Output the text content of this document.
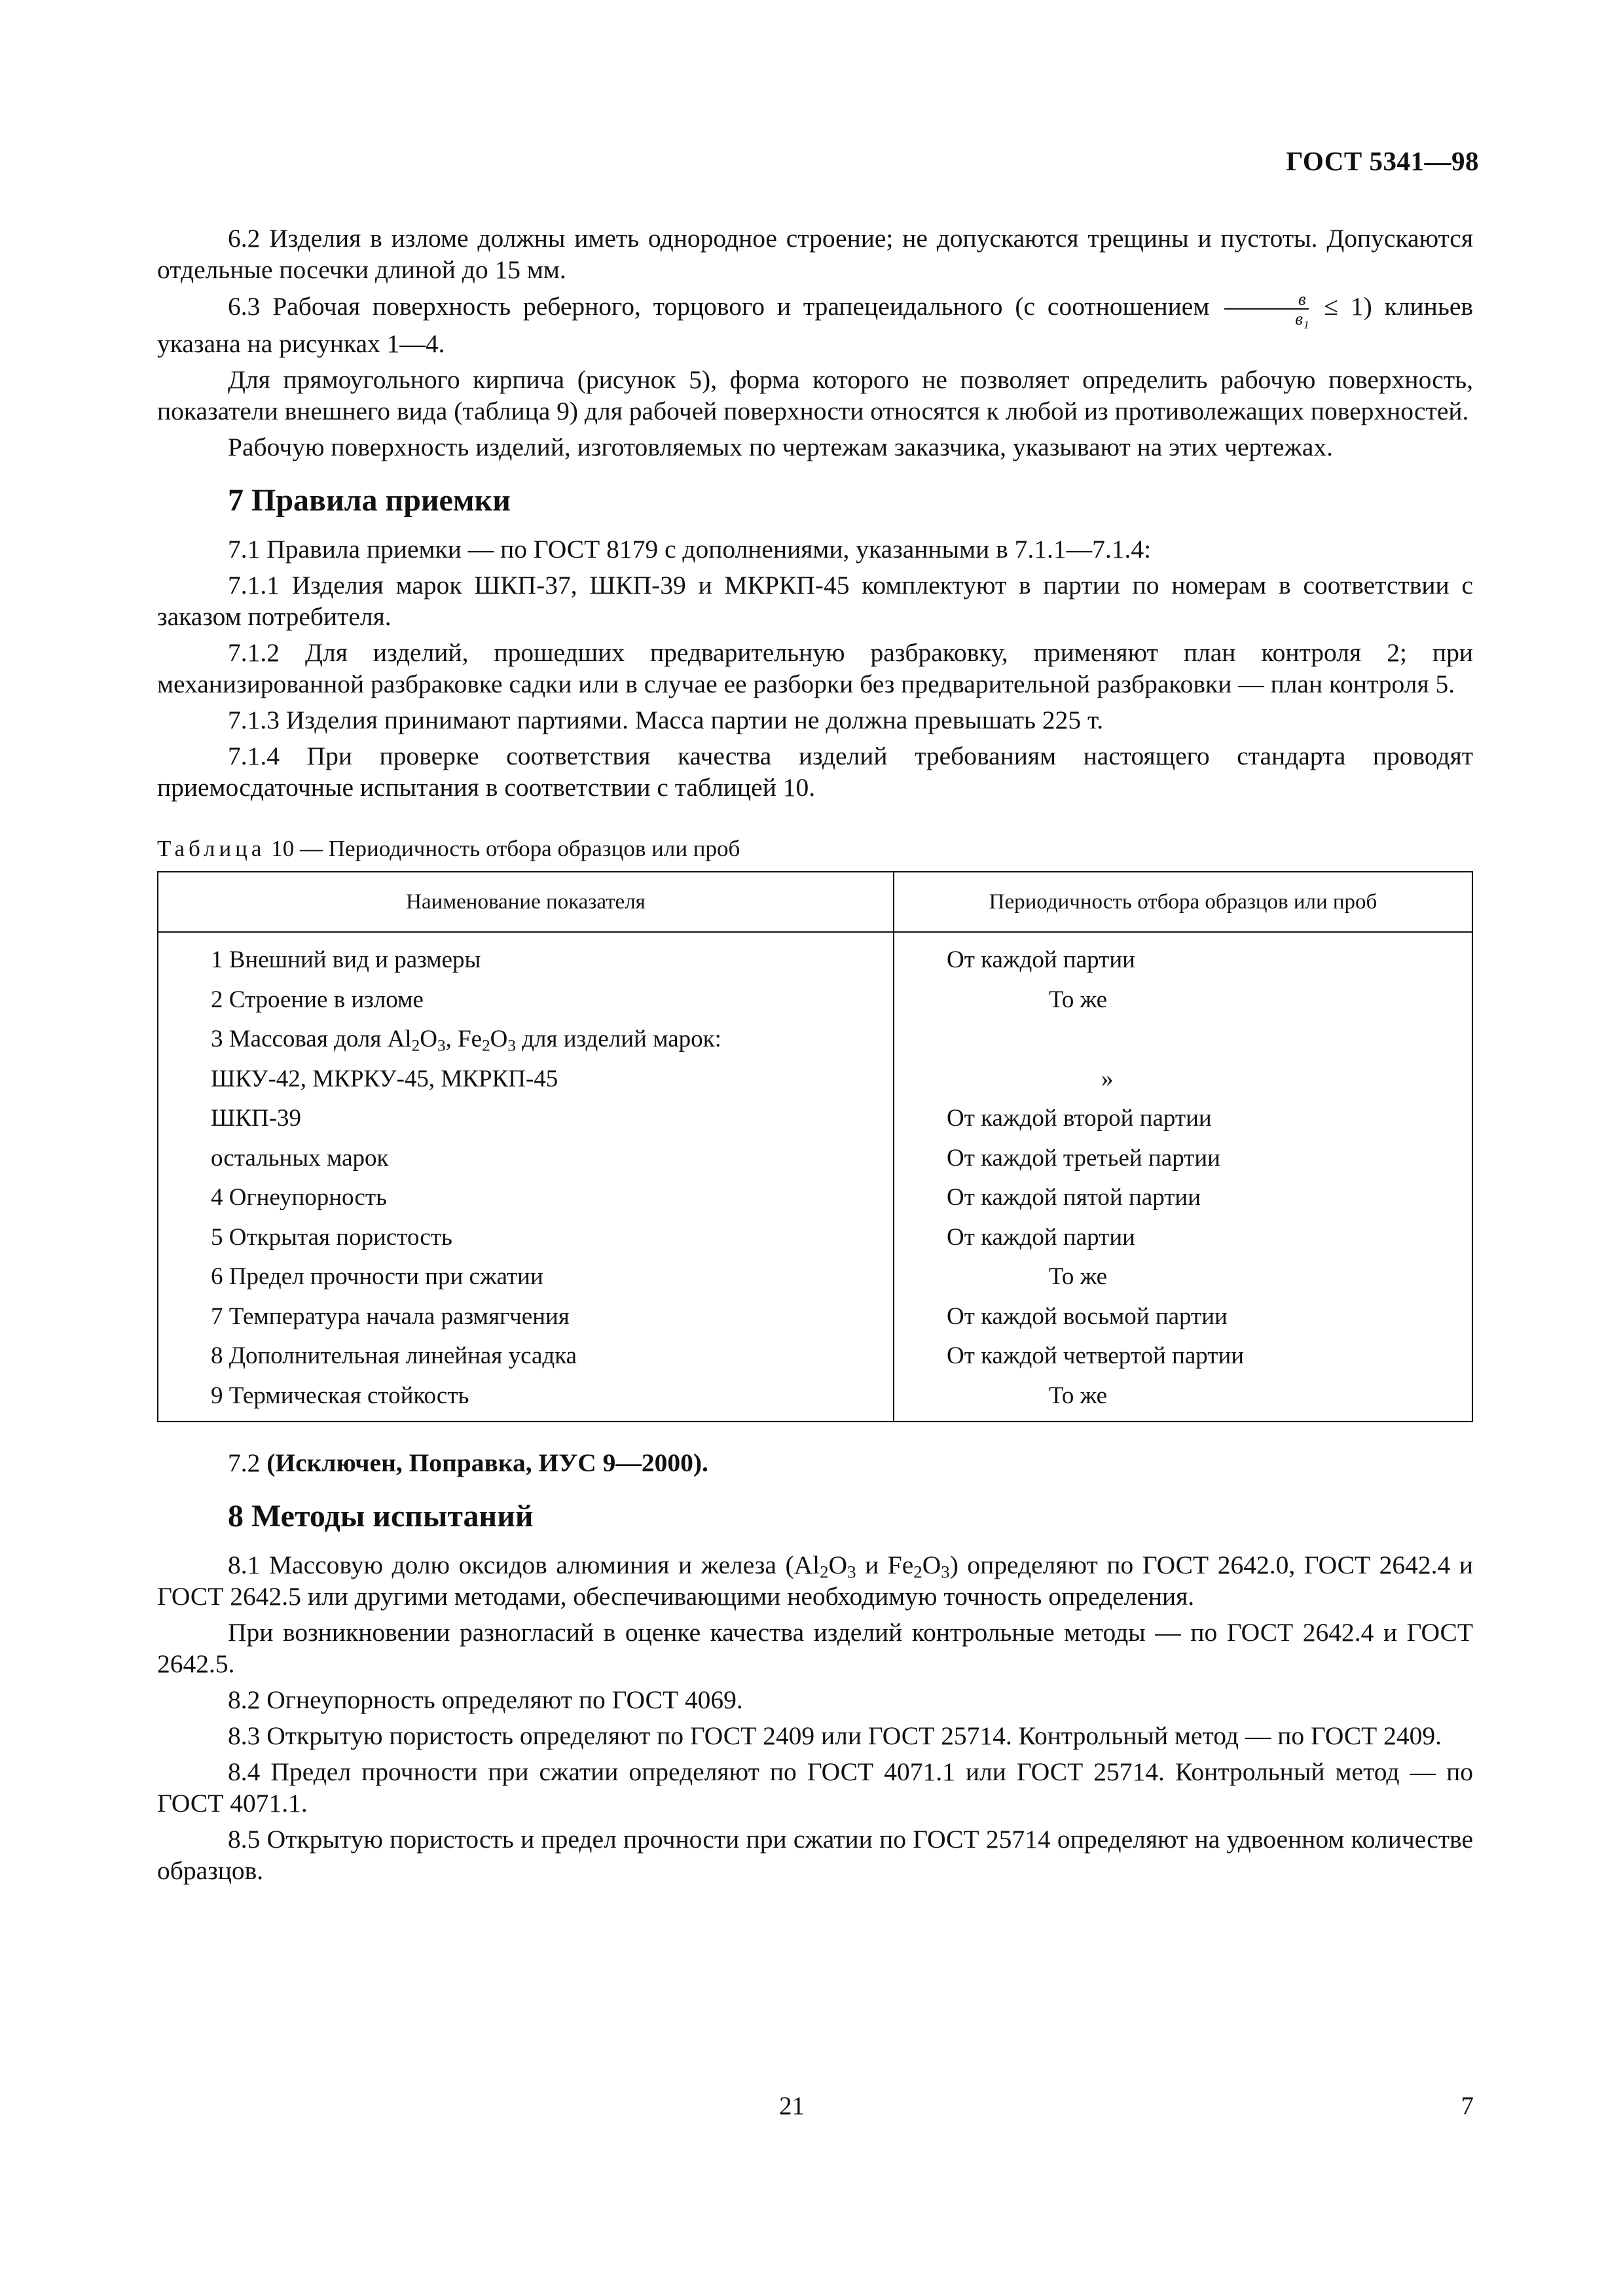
ГОСТ 5341—98

6.2 Изделия в изломе должны иметь однородное строение; не допускаются трещины и пустоты. Допускаются отдельные посечки длиной до 15 мм.

6.3 Рабочая поверхность реберного, торцового и трапецеидального (с соотношением $\frac{в}{\text{в₁}} \le 1$) клиньев указана на рисунках 1—4.

Для прямоугольного кирпича (рисунок 5), форма которого не позволяет определить рабочую поверхность, показатели внешнего вида (таблица 9) для рабочей поверхности относятся к любой из противолежащих поверхностей.

Рабочую поверхность изделий, изготовляемых по чертежам заказчика, указывают на этих чертежах.

7 Правила приемки

7.1 Правила приемки — по ГОСТ 8179 с дополнениями, указанными в 7.1.1—7.1.4:

7.1.1 Изделия марок ШКП-37, ШКП-39 и МКРКП-45 комплектуют в партии по номерам в соответствии с заказом потребителя.

7.1.2 Для изделий, прошедших предварительную разбраковку, применяют план контроля 2; при механизированной разбраковке садки или в случае ее разборки без предварительной разбраковки — план контроля 5.

7.1.3 Изделия принимают партиями. Масса партии не должна превышать 225 т.

7.1.4 При проверке соответствия качества изделий требованиям настоящего стандарта проводят приемосдаточные испытания в соответствии с таблицей 10.

Таблица 10 — Периодичность отбора образцов или проб
Наименование показателя	Периодичность отбора образцов или проб
1 Внешний вид и размеры	От каждой партии
2 Строение в изломе	То же
3 Массовая доля $Al_2O_3$, $Fe_2O_3$ для изделий марок:	
ШКУ-42, МКРКУ-45, МКРКП-45	»
ШКП-39	От каждой второй партии
остальных марок	От каждой третьей партии
4 Огнеупорность	От каждой пятой партии
5 Открытая пористость	От каждой партии
6 Предел прочности при сжатии	То же
7 Температура начала размягчения	От каждой восьмой партии
8 Дополнительная линейная усадка	От каждой четвертой партии
9 Термическая стойкость	То же

7.2 (Исключен, Поправка, ИУС 9—2000).

8 Методы испытаний

8.1 Массовую долю оксидов алюминия и железа ($Al_2O_3$ и $Fe_2O_3$) определяют по ГОСТ 2642.0, ГОСТ 2642.4 и ГОСТ 2642.5 или другими методами, обеспечивающими необходимую точность определения.

При возникновении разногласий в оценке качества изделий контрольные методы — по ГОСТ 2642.4 и ГОСТ 2642.5.

8.2 Огнеупорность определяют по ГОСТ 4069.

8.3 Открытую пористость определяют по ГОСТ 2409 или ГОСТ 25714. Контрольный метод — по ГОСТ 2409.

8.4 Предел прочности при сжатии определяют по ГОСТ 4071.1 или ГОСТ 25714. Контрольный метод — по ГОСТ 4071.1.

8.5 Открытую пористость и предел прочности при сжатии по ГОСТ 25714 определяют на удвоенном количестве образцов.

21	7
